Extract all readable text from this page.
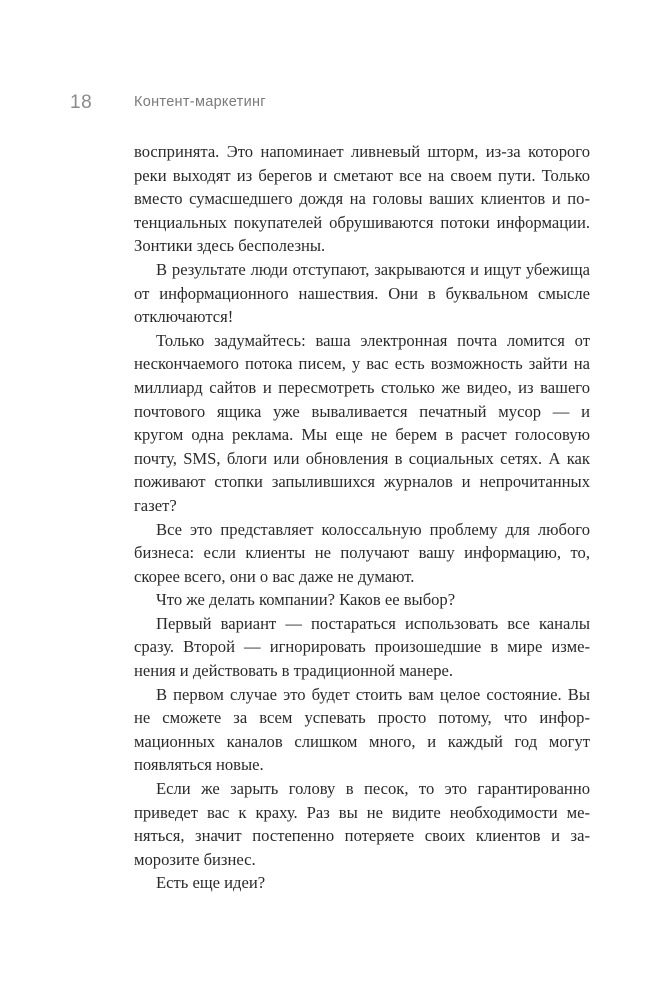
18	Контент-маркетинг

воспринята. Это напоминает ливневый шторм, из-за которого реки выходят из берегов и сметают все на своем пути. Только вместо сумасшедшего дождя на головы ваших клиентов и потенциальных покупателей обрушиваются потоки информации. Зонтики здесь бесполезны.

В результате люди отступают, закрываются и ищут убежища от информационного нашествия. Они в буквальном смысле отключаются!

Только задумайтесь: ваша электронная почта ломится от нескончаемого потока писем, у вас есть возможность зайти на миллиард сайтов и пересмотреть столько же видео, из вашего почтового ящика уже вываливается печатный мусор — и кругом одна реклама. Мы еще не берем в расчет голосовую почту, SMS, блоги или обновления в социальных сетях. А как поживают стопки запылившихся журналов и непрочитанных газет?

Все это представляет колоссальную проблему для любого бизнеса: если клиенты не получают вашу информацию, то, скорее всего, они о вас даже не думают.

Что же делать компании? Каков ее выбор?

Первый вариант — постараться использовать все каналы сразу. Второй — игнорировать произошедшие в мире изменения и действовать в традиционной манере.

В первом случае это будет стоить вам целое состояние. Вы не сможете за всем успевать просто потому, что информационных каналов слишком много, и каждый год могут появляться новые.

Если же зарыть голову в песок, то это гарантированно приведет вас к краху. Раз вы не видите необходимости меняться, значит постепенно потеряете своих клиентов и заморозите бизнес.

Есть еще идеи?
